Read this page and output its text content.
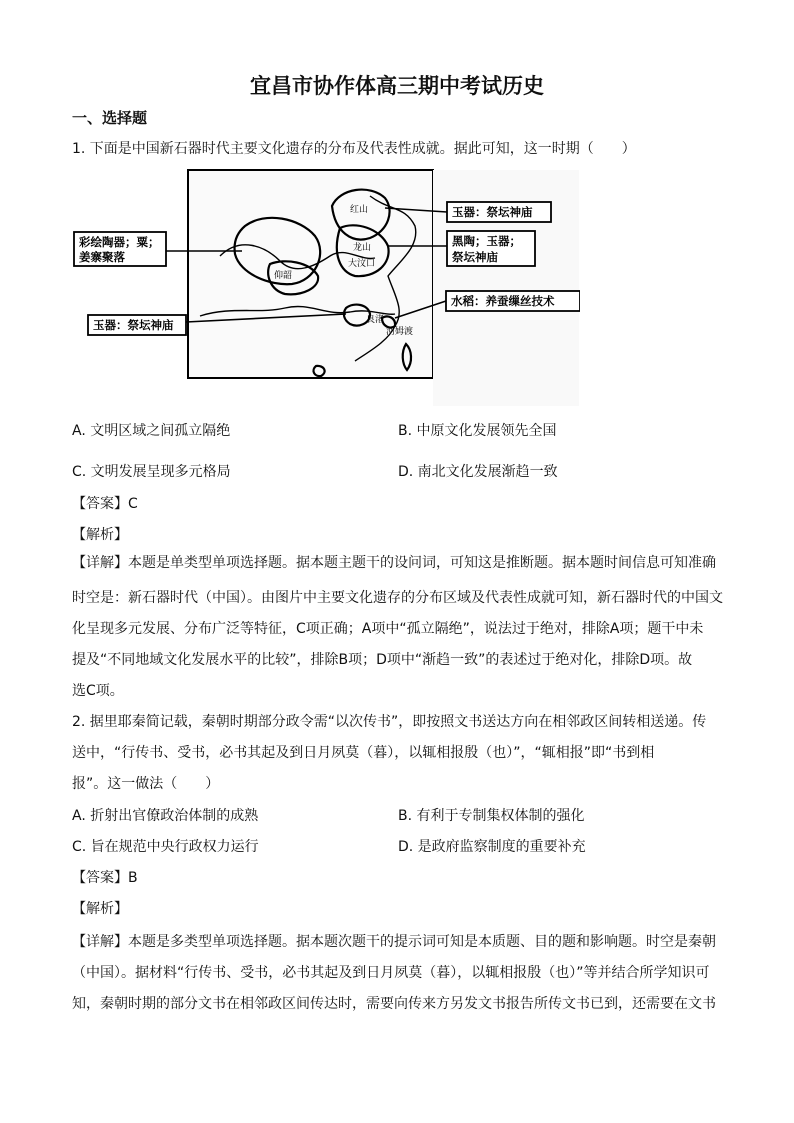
宜昌市协作体高三期中考试历史
一、选择题
1. 下面是中国新石器时代主要文化遗存的分布及代表性成就。据此可知，这一时期（　　）
红山
龙山
大汶口
仰韶
良渚
河姆渡
彩绘陶器；粟；
姜寨聚落
玉器：祭坛神庙
玉器：祭坛神庙
黑陶；玉器；
祭坛神庙
水稻：养蚕缫丝技术
A. 文明区域之间孤立隔绝	B. 中原文化发展领先全国
C. 文明发展呈现多元格局	D. 南北文化发展渐趋一致
【答案】C
【解析】
【详解】本题是单类型单项选择题。据本题主题干的设问词，可知这是推断题。据本题时间信息可知准确
时空是：新石器时代（中国）。由图片中主要文化遗存的分布区域及代表性成就可知，新石器时代的中国文
化呈现多元发展、分布广泛等特征，C项正确；A项中“孤立隔绝”，说法过于绝对，排除A项；题干中未
提及“不同地域文化发展水平的比较”，排除B项；D项中“渐趋一致”的表述过于绝对化，排除D项。故
选C项。
2. 据里耶秦简记载，秦朝时期部分政令需“以次传书”，即按照文书送达方向在相邻政区间转相送递。传
送中，“行传书、受书，必书其起及到日月夙莫（暮），以辄相报殷（也）”，“辄相报”即“书到相
报”。这一做法（　　）
A. 折射出官僚政治体制的成熟	B. 有利于专制集权体制的强化
C. 旨在规范中央行政权力运行	D. 是政府监察制度的重要补充
【答案】B
【解析】
【详解】本题是多类型单项选择题。据本题次题干的提示词可知是本质题、目的题和影响题。时空是秦朝
（中国）。据材料“行传书、受书，必书其起及到日月夙莫（暮），以辄相报殷（也）”等并结合所学知识可
知，秦朝时期的部分文书在相邻政区间传达时，需要向传来方另发文书报告所传文书已到，还需要在文书
